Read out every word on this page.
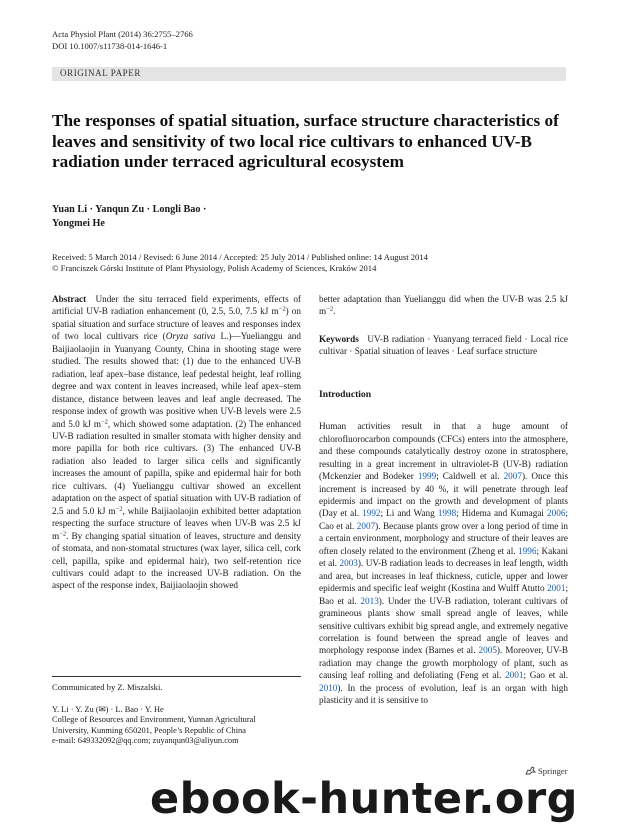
Acta Physiol Plant (2014) 36:2755–2766
DOI 10.1007/s11738-014-1646-1
ORIGINAL PAPER
The responses of spatial situation, surface structure characteristics of leaves and sensitivity of two local rice cultivars to enhanced UV-B radiation under terraced agricultural ecosystem
Yuan Li · Yanqun Zu · Longli Bao ·
Yongmei He
Received: 5 March 2014 / Revised: 6 June 2014 / Accepted: 25 July 2014 / Published online: 14 August 2014
© Franciszek Górski Institute of Plant Physiology, Polish Academy of Sciences, Kraków 2014
Abstract Under the situ terraced field experiments, effects of artificial UV-B radiation enhancement (0, 2.5, 5.0, 7.5 kJ $m^{-2}$) on spatial situation and surface structure of leaves and responses index of two local cultivars rice (Oryza sativa L.)—Yuelianggu and Baijiaolaojin in Yuanyang County, China in shooting stage were studied. The results showed that: (1) due to the enhanced UV-B radiation, leaf apex–base distance, leaf pedestal height, leaf rolling degree and wax content in leaves increased, while leaf apex–stem distance, distance between leaves and leaf angle decreased. The response index of growth was positive when UV-B levels were 2.5 and 5.0 kJ $m^{-2}$, which showed some adaptation. (2) The enhanced UV-B radiation resulted in smaller stomata with higher density and more papilla for both rice cultivars. (3) The enhanced UV-B radiation also leaded to larger silica cells and significantly increases the amount of papilla, spike and epidermal hair for both rice cultivars. (4) Yuelianggu cultivar showed an excellent adaptation on the aspect of spatial situation with UV-B radiation of 2.5 and 5.0 kJ $m^{-2}$, while Baijiaolaojin exhibited better adaptation respecting the surface structure of leaves when UV-B was 2.5 kJ $m^{-2}$. By changing spatial situation of leaves, structure and density of stomata, and non-stomatal structures (wax layer, silica cell, cork cell, papilla, spike and epidermal hair), two self-retention rice cultivars could adapt to the increased UV-B radiation. On the aspect of the response index, Baijiaolaojin showed
better adaptation than Yuelianggu did when the UV-B was 2.5 kJ $m^{-2}$.
Keywords UV-B radiation · Yuanyang terraced field · Local rice cultivar · Spatial situation of leaves · Leaf surface structure
Introduction
Human activities result in that a huge amount of chlorofluorocarbon compounds (CFCs) enters into the atmosphere, and these compounds catalytically destroy ozone in stratosphere, resulting in a great increment in ultraviolet-B (UV-B) radiation (Mckenzier and Bodeker 1999; Caldwell et al. 2007). Once this increment is increased by 40 %, it will penetrate through leaf epidermis and impact on the growth and development of plants (Day et al. 1992; Li and Wang 1998; Hidema and Kumagai 2006; Cao et al. 2007). Because plants grow over a long period of time in a certain environment, morphology and structure of their leaves are often closely related to the environment (Zheng et al. 1996; Kakani et al. 2003). UV-B radiation leads to decreases in leaf length, width and area, but increases in leaf thickness, cuticle, upper and lower epidermis and specific leaf weight (Kostina and Wulff Atutto 2001; Bao et al. 2013). Under the UV-B radiation, tolerant cultivars of gramineous plants show small spread angle of leaves, while sensitive cultivars exhibit big spread angle, and extremely negative correlation is found between the spread angle of leaves and morphology response index (Barnes et al. 2005). Moreover, UV-B radiation may change the growth morphology of plant, such as causing leaf rolling and defoliating (Feng et al. 2001; Gao et al. 2010). In the process of evolution, leaf is an organ with high plasticity and it is sensitive to
Communicated by Z. Miszalski.
Y. Li · Y. Zu (✉) · L. Bao · Y. He
College of Resources and Environment, Yunnan Agricultural
University, Kunming 650201, People’s Republic of China
e-mail: 649332092@qq.com; zuyanqun03@aliyun.com
Springer
ebook-hunter.org
